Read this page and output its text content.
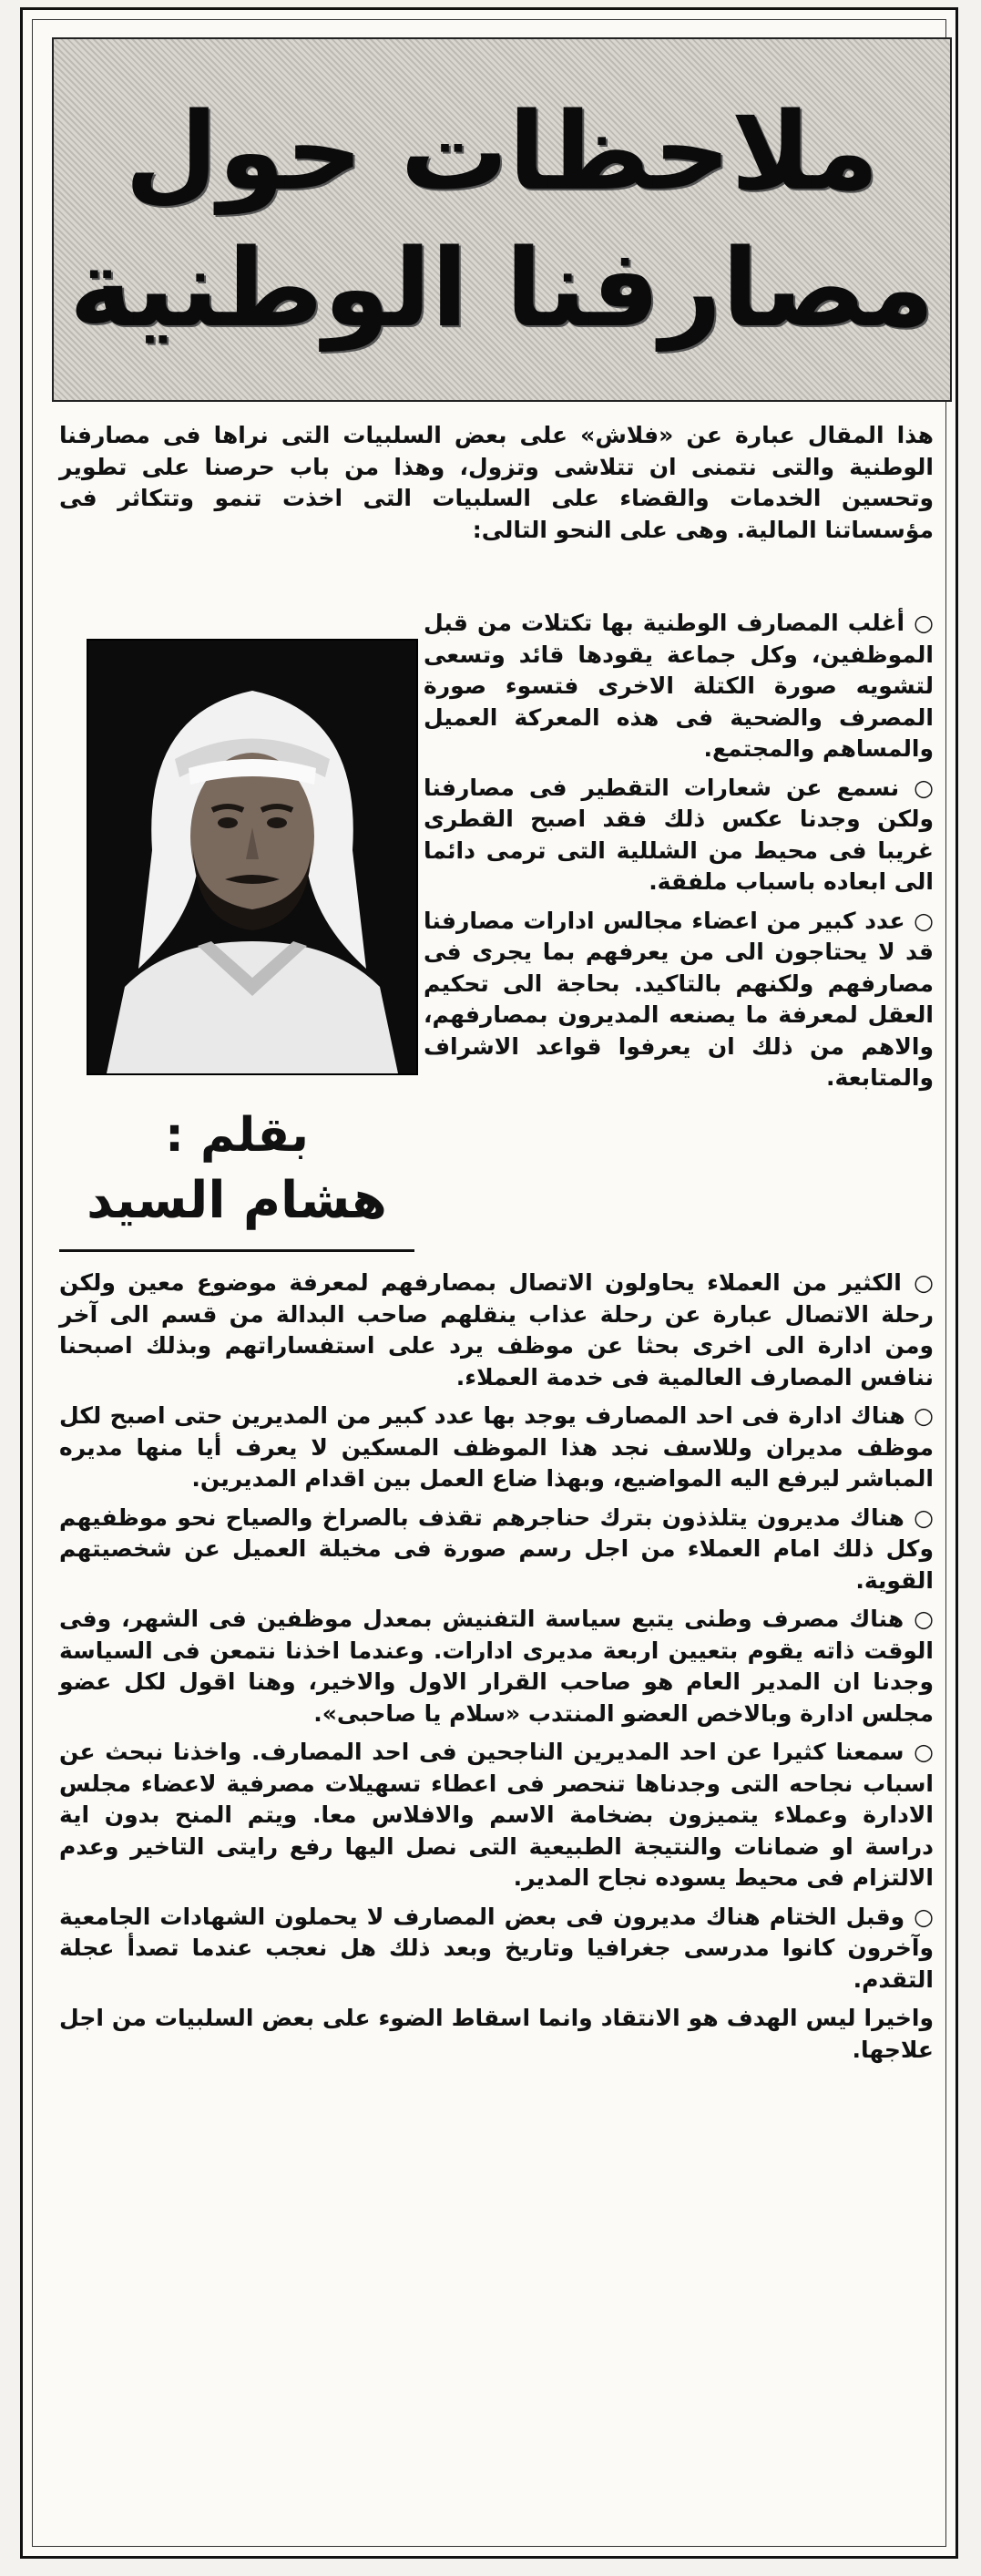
ملاحظات حول
مصارفنا الوطنية
هذا المقال عبارة عن «فلاش» على بعض السلبيات التى نراها فى مصارفنا الوطنية والتى نتمنى ان تتلاشى وتزول، وهذا من باب حرصنا على تطوير وتحسين الخدمات والقضاء على السلبيات التى اخذت تنمو وتتكاثر فى مؤسساتنا المالية. وهى على النحو التالى:
بقلم :
هشام السيد

○ أغلب المصارف الوطنية بها تكتلات من قبل الموظفين، وكل جماعة يقودها قائد وتسعى لتشويه صورة الكتلة الاخرى فتسوء صورة المصرف والضحية فى هذه المعركة العميل والمساهم والمجتمع.

○ نسمع عن شعارات التقطير فى مصارفنا ولكن وجدنا عكس ذلك فقد اصبح القطرى غريبا فى محيط من الشللية التى ترمى دائما الى ابعاده باسباب ملفقة.

○ عدد كبير من اعضاء مجالس ادارات مصارفنا قد لا يحتاجون الى من يعرفهم بما يجرى فى مصارفهم ولكنهم بالتاكيد. بحاجة الى تحكيم العقل لمعرفة ما يصنعه المديرون بمصارفهم، والاهم من ذلك ان يعرفوا قواعد الاشراف والمتابعة.

○ الكثير من العملاء يحاولون الاتصال بمصارفهم لمعرفة موضوع معين ولكن رحلة الاتصال عبارة عن رحلة عذاب ينقلهم صاحب البدالة من قسم الى آخر ومن ادارة الى اخرى بحثا عن موظف يرد على استفساراتهم وبذلك اصبحنا ننافس المصارف العالمية فى خدمة العملاء.

○ هناك ادارة فى احد المصارف يوجد بها عدد كبير من المديرين حتى اصبح لكل موظف مديران وللاسف نجد هذا الموظف المسكين لا يعرف أيا منها مديره المباشر ليرفع اليه المواضيع، وبهذا ضاع العمل بين اقدام المديرين.

○ هناك مديرون يتلذذون بترك حناجرهم تقذف بالصراخ والصياح نحو موظفيهم وكل ذلك امام العملاء من اجل رسم صورة فى مخيلة العميل عن شخصيتهم القوية.

○ هناك مصرف وطنى يتبع سياسة التفنيش بمعدل موظفين فى الشهر، وفى الوقت ذاته يقوم بتعيين اربعة مديرى ادارات. وعندما اخذنا نتمعن فى السياسة وجدنا ان المدير العام هو صاحب القرار الاول والاخير، وهنا اقول لكل عضو مجلس ادارة وبالاخص العضو المنتدب «سلام يا صاحبى».

○ سمعنا كثيرا عن احد المديرين الناجحين فى احد المصارف. واخذنا نبحث عن اسباب نجاحه التى وجدناها تنحصر فى اعطاء تسهيلات مصرفية لاعضاء مجلس الادارة وعملاء يتميزون بضخامة الاسم والافلاس معا. ويتم المنح بدون اية دراسة او ضمانات والنتيجة الطبيعية التى نصل اليها رفع رايتى التاخير وعدم الالتزام فى محيط يسوده نجاح المدير.

○ وقبل الختام هناك مديرون فى بعض المصارف لا يحملون الشهادات الجامعية وآخرون كانوا مدرسى جغرافيا وتاريخ وبعد ذلك هل نعجب عندما تصدأ عجلة التقدم.

واخيرا ليس الهدف هو الانتقاد وانما اسقاط الضوء على بعض السلبيات من اجل علاجها.
